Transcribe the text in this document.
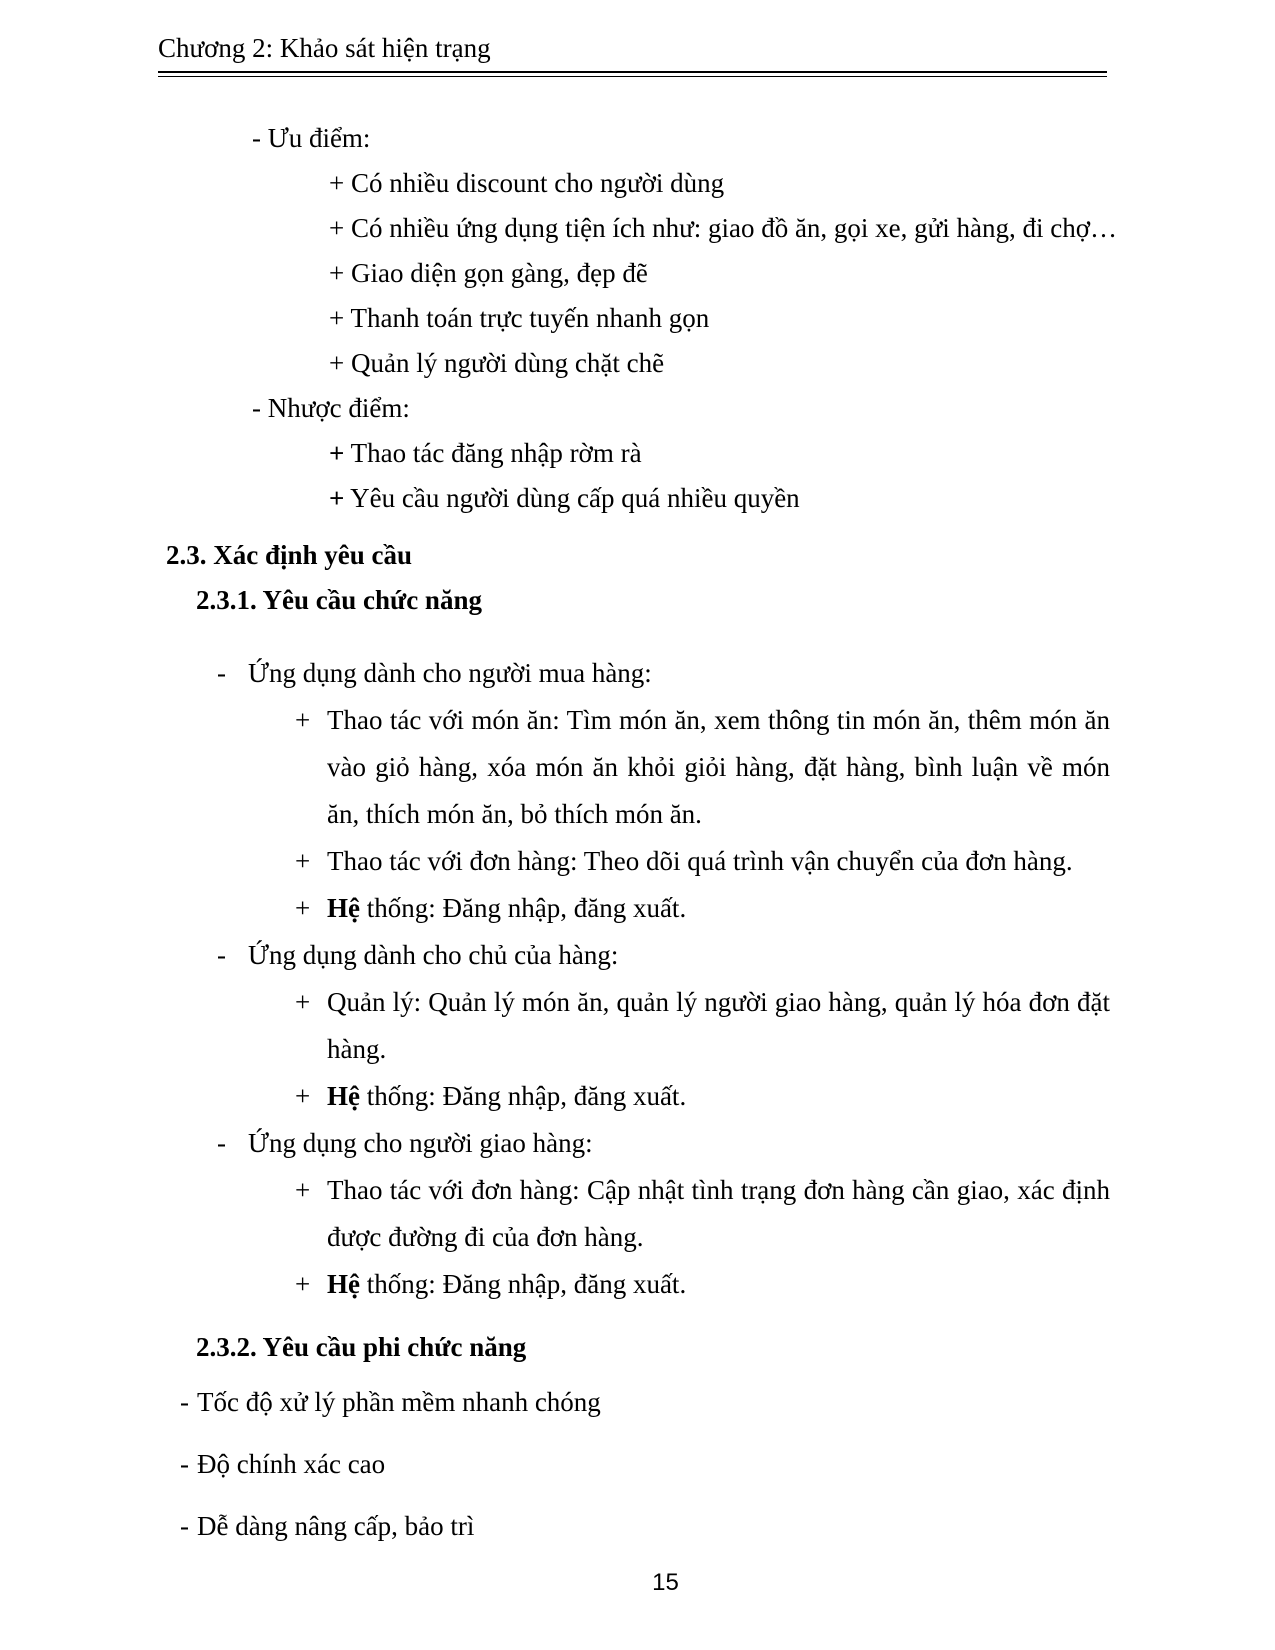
Chương 2: Khảo sát hiện trạng
- Ưu điểm:
+ Có nhiều discount cho người dùng
+ Có nhiều ứng dụng tiện ích như: giao đồ ăn, gọi xe, gửi hàng, đi chợ…
+ Giao diện gọn gàng, đẹp đẽ
+ Thanh toán trực tuyến nhanh gọn
+ Quản lý người dùng chặt chẽ
- Nhược điểm:
+ Thao tác đăng nhập rờm rà
+ Yêu cầu người dùng cấp quá nhiều quyền
2.3. Xác định yêu cầu
2.3.1. Yêu cầu chức năng
- Ứng dụng dành cho người mua hàng:
+ Thao tác với món ăn: Tìm món ăn, xem thông tin món ăn, thêm món ăn vào giỏ hàng, xóa món ăn khỏi giỏi hàng, đặt hàng, bình luận về món ăn, thích món ăn, bỏ thích món ăn.
+ Thao tác với đơn hàng: Theo dõi quá trình vận chuyển của đơn hàng.
+ Hệ thống: Đăng nhập, đăng xuất.
- Ứng dụng dành cho chủ của hàng:
+ Quản lý: Quản lý món ăn, quản lý người giao hàng, quản lý hóa đơn đặt hàng.
+ Hệ thống: Đăng nhập, đăng xuất.
- Ứng dụng cho người giao hàng:
+ Thao tác với đơn hàng: Cập nhật tình trạng đơn hàng cần giao, xác định được đường đi của đơn hàng.
+ Hệ thống: Đăng nhập, đăng xuất.
2.3.2. Yêu cầu phi chức năng
- Tốc độ xử lý phần mềm nhanh chóng
- Độ chính xác cao
- Dễ dàng nâng cấp, bảo trì
15
